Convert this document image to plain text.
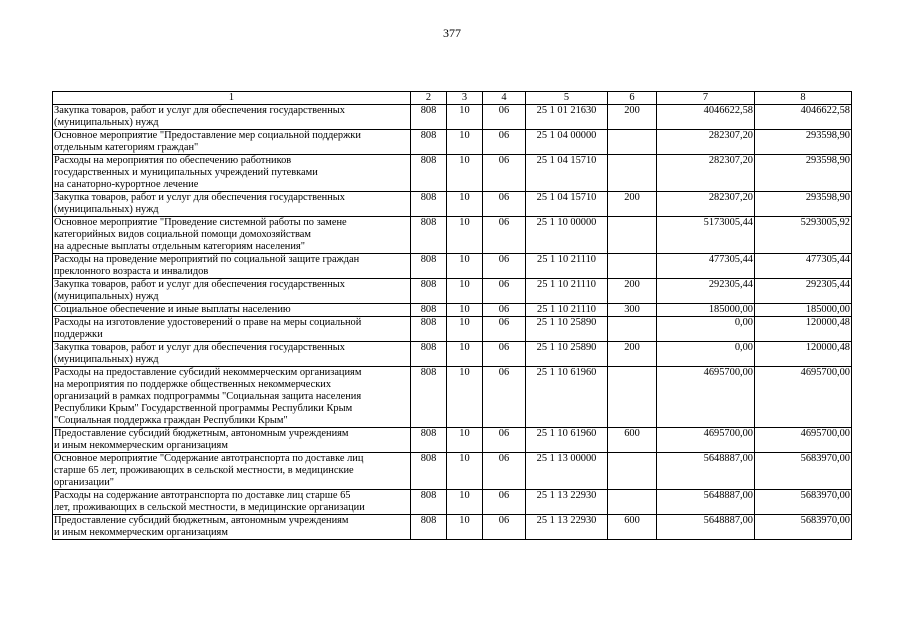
377
1	2	3	4	5	6	7	8

Закупка товаров, работ и услуг для обеспечения государственных
(муниципальных) нужд	808	10	06	25 1 01 21630	200	4046622,58	4046622,58

Основное мероприятие "Предоставление мер социальной поддержки
отдельным категориям граждан"	808	10	06	25 1 04 00000		282307,20	293598,90

Расходы на мероприятия по обеспечению работников
государственных и муниципальных учреждений путевками
на санаторно-курортное лечение	808	10	06	25 1 04 15710		282307,20	293598,90

Закупка товаров, работ и услуг для обеспечения государственных
(муниципальных) нужд	808	10	06	25 1 04 15710	200	282307,20	293598,90

Основное мероприятие "Проведение системной работы по замене
категорийных видов социальной помощи домохозяйствам
на адресные выплаты отдельным категориям населения"	808	10	06	25 1 10 00000		5173005,44	5293005,92

Расходы на проведение мероприятий по социальной защите граждан
преклонного возраста и инвалидов	808	10	06	25 1 10 21110		477305,44	477305,44

Закупка товаров, работ и услуг для обеспечения государственных
(муниципальных) нужд	808	10	06	25 1 10 21110	200	292305,44	292305,44

Социальное обеспечение и иные выплаты населению	808	10	06	25 1 10 21110	300	185000,00	185000,00

Расходы на изготовление удостоверений о праве на меры социальной
поддержки	808	10	06	25 1 10 25890		0,00	120000,48

Закупка товаров, работ и услуг для обеспечения государственных
(муниципальных) нужд	808	10	06	25 1 10 25890	200	0,00	120000,48

Расходы на предоставление субсидий некоммерческим организациям
на мероприятия по поддержке общественных некоммерческих
организаций в рамках подпрограммы "Социальная защита населения
Республики Крым" Государственной программы Республики Крым
"Социальная поддержка граждан Республики Крым"	808	10	06	25 1 10 61960		4695700,00	4695700,00

Предоставление субсидий бюджетным, автономным учреждениям
и иным некоммерческим организациям	808	10	06	25 1 10 61960	600	4695700,00	4695700,00

Основное мероприятие "Содержание автотранспорта по доставке лиц
старше 65 лет, проживающих в сельской местности, в медицинские
организации"	808	10	06	25 1 13 00000		5648887,00	5683970,00

Расходы на содержание автотранспорта по доставке лиц старше 65
лет, проживающих в сельской местности, в медицинские организации	808	10	06	25 1 13 22930		5648887,00	5683970,00

Предоставление субсидий бюджетным, автономным учреждениям
и иным некоммерческим организациям	808	10	06	25 1 13 22930	600	5648887,00	5683970,00
